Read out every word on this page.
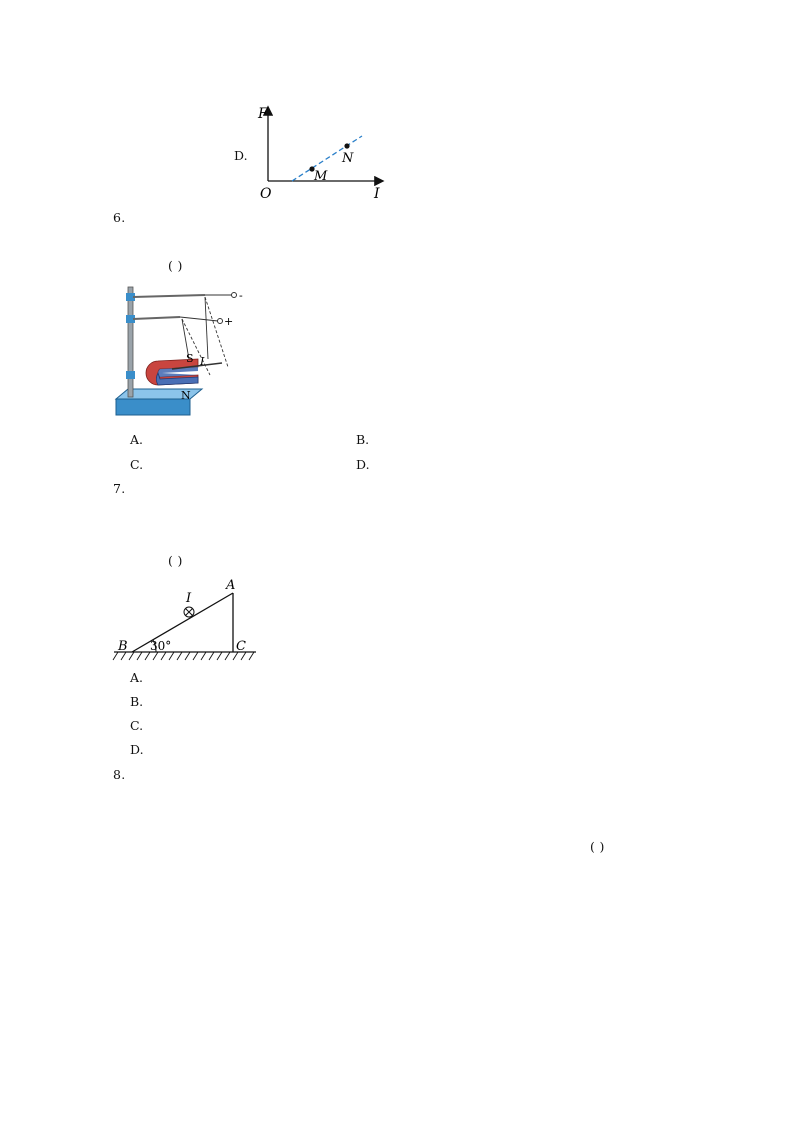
D.
F
I
O
M
N
6.
( )
-
+
S
N
I
A.	B.
C.	D.
7.
( )
A
B	C
30°
I
A.
B.
C.
D.
8.
( )
